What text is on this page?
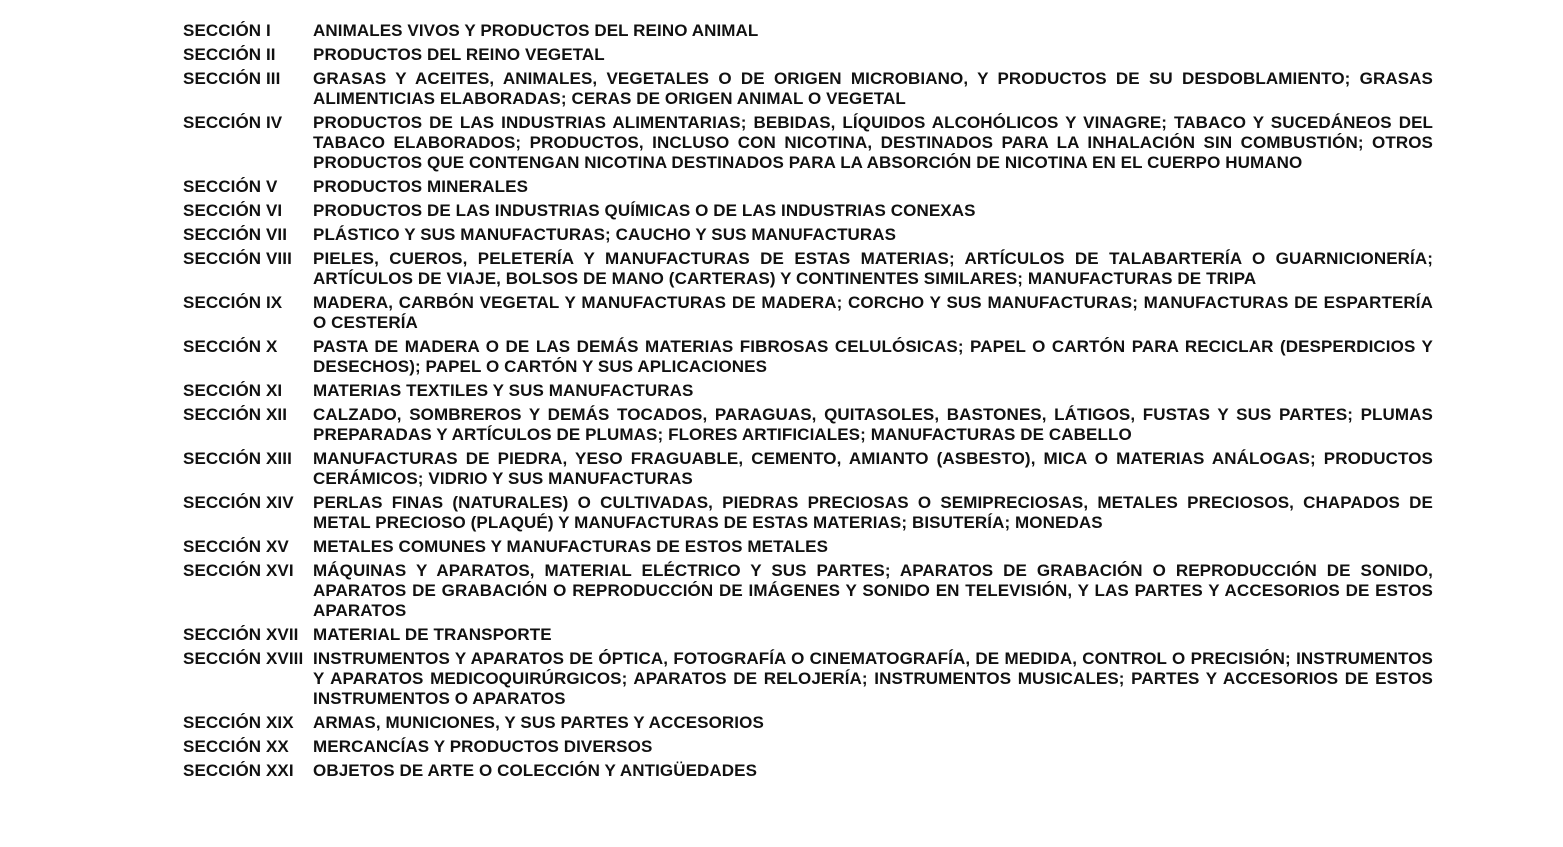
SECCIÓN I	ANIMALES VIVOS Y PRODUCTOS DEL REINO ANIMAL
SECCIÓN II	PRODUCTOS DEL REINO VEGETAL
SECCIÓN III	GRASAS Y ACEITES, ANIMALES, VEGETALES O DE ORIGEN MICROBIANO, Y PRODUCTOS DE SU DESDOBLAMIENTO; GRASAS ALIMENTICIAS ELABORADAS; CERAS DE ORIGEN ANIMAL O VEGETAL
SECCIÓN IV	PRODUCTOS DE LAS INDUSTRIAS ALIMENTARIAS; BEBIDAS, LÍQUIDOS ALCOHÓLICOS Y VINAGRE; TABACO Y SUCEDÁNEOS DEL TABACO ELABORADOS; PRODUCTOS, INCLUSO CON NICOTINA, DESTINADOS PARA LA INHALACIÓN SIN COMBUSTIÓN; OTROS PRODUCTOS QUE CONTENGAN NICOTINA DESTINADOS PARA LA ABSORCIÓN DE NICOTINA EN EL CUERPO HUMANO
SECCIÓN V	PRODUCTOS MINERALES
SECCIÓN VI	PRODUCTOS DE LAS INDUSTRIAS QUÍMICAS O DE LAS INDUSTRIAS CONEXAS
SECCIÓN VII	PLÁSTICO Y SUS MANUFACTURAS; CAUCHO Y SUS MANUFACTURAS
SECCIÓN VIII	PIELES, CUEROS, PELETERÍA Y MANUFACTURAS DE ESTAS MATERIAS; ARTÍCULOS DE TALABARTERÍA O GUARNICIONERÍA; ARTÍCULOS DE VIAJE, BOLSOS DE MANO (CARTERAS) Y CONTINENTES SIMILARES; MANUFACTURAS DE TRIPA
SECCIÓN IX	MADERA, CARBÓN VEGETAL Y MANUFACTURAS DE MADERA; CORCHO Y SUS MANUFACTURAS; MANUFACTURAS DE ESPARTERÍA O CESTERÍA
SECCIÓN X	PASTA DE MADERA O DE LAS DEMÁS MATERIAS FIBROSAS CELULÓSICAS; PAPEL O CARTÓN PARA RECICLAR (DESPERDICIOS Y DESECHOS); PAPEL O CARTÓN Y SUS APLICACIONES
SECCIÓN XI	MATERIAS TEXTILES Y SUS MANUFACTURAS
SECCIÓN XII	CALZADO, SOMBREROS Y DEMÁS TOCADOS, PARAGUAS, QUITASOLES, BASTONES, LÁTIGOS, FUSTAS Y SUS PARTES; PLUMAS PREPARADAS Y ARTÍCULOS DE PLUMAS; FLORES ARTIFICIALES; MANUFACTURAS DE CABELLO
SECCIÓN XIII	MANUFACTURAS DE PIEDRA, YESO FRAGUABLE, CEMENTO, AMIANTO (ASBESTO), MICA O MATERIAS ANÁLOGAS; PRODUCTOS CERÁMICOS; VIDRIO Y SUS MANUFACTURAS
SECCIÓN XIV	PERLAS FINAS (NATURALES) O CULTIVADAS, PIEDRAS PRECIOSAS O SEMIPRECIOSAS, METALES PRECIOSOS, CHAPADOS DE METAL PRECIOSO (PLAQUÉ) Y MANUFACTURAS DE ESTAS MATERIAS; BISUTERÍA; MONEDAS
SECCIÓN XV	METALES COMUNES Y MANUFACTURAS DE ESTOS METALES
SECCIÓN XVI	MÁQUINAS Y APARATOS, MATERIAL ELÉCTRICO Y SUS PARTES; APARATOS DE GRABACIÓN O REPRODUCCIÓN DE SONIDO, APARATOS DE GRABACIÓN O REPRODUCCIÓN DE IMÁGENES Y SONIDO EN TELEVISIÓN, Y LAS PARTES Y ACCESORIOS DE ESTOS APARATOS
SECCIÓN XVII MATERIAL DE TRANSPORTE
SECCIÓN XVIII INSTRUMENTOS Y APARATOS DE ÓPTICA, FOTOGRAFÍA O CINEMATOGRAFÍA, DE MEDIDA, CONTROL O PRECISIÓN; INSTRUMENTOS Y APARATOS MEDICOQUIRÚRGICOS; APARATOS DE RELOJERÍA; INSTRUMENTOS MUSICALES; PARTES Y ACCESORIOS DE ESTOS INSTRUMENTOS O APARATOS
SECCIÓN XIX	ARMAS, MUNICIONES, Y SUS PARTES Y ACCESORIOS
SECCIÓN XX	MERCANCÍAS Y PRODUCTOS DIVERSOS
SECCIÓN XXI	OBJETOS DE ARTE O COLECCIÓN Y ANTIGÜEDADES
